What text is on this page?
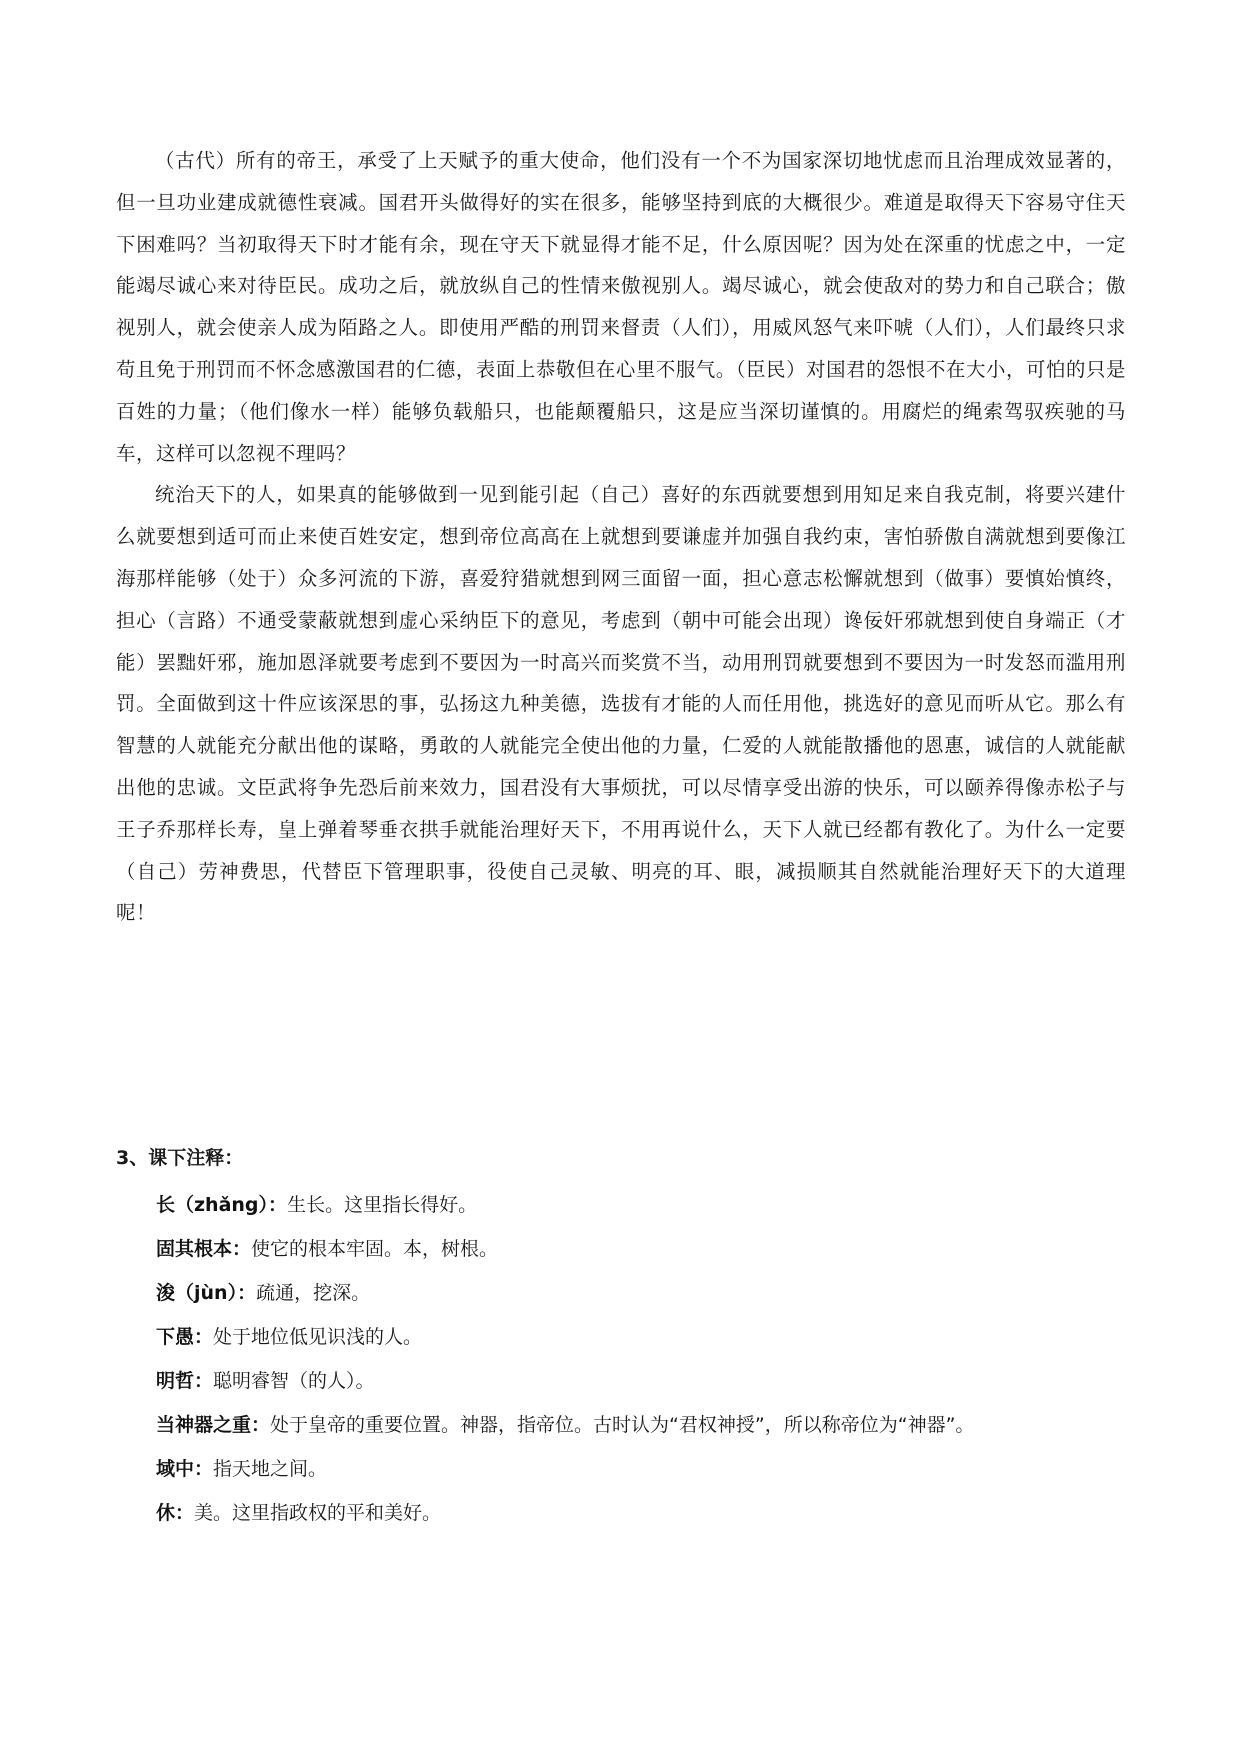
（古代）所有的帝王，承受了上天赋予的重大使命，他们没有一个不为国家深切地忧虑而且治理成效显著的，但一旦功业建成就德性衰减。国君开头做得好的实在很多，能够坚持到底的大概很少。难道是取得天下容易守住天下困难吗？当初取得天下时才能有余，现在守天下就显得才能不足，什么原因呢？因为处在深重的忧虑之中，一定能竭尽诚心来对待臣民。成功之后，就放纵自己的性情来傲视别人。竭尽诚心，就会使敌对的势力和自己联合；傲视别人，就会使亲人成为陌路之人。即使用严酷的刑罚来督责（人们），用威风怒气来吓唬（人们），人们最终只求苟且免于刑罚而不怀念感激国君的仁德，表面上恭敬但在心里不服气。（臣民）对国君的怨恨不在大小，可怕的只是百姓的力量；（他们像水一样）能够负载船只，也能颠覆船只，这是应当深切谨慎的。用腐烂的绳索驾驭疾驰的马车，这样可以忽视不理吗？

统治天下的人，如果真的能够做到一见到能引起（自己）喜好的东西就要想到用知足来自我克制，将要兴建什么就要想到适可而止来使百姓安定，想到帝位高高在上就想到要谦虚并加强自我约束，害怕骄傲自满就想到要像江海那样能够（处于）众多河流的下游，喜爱狩猎就想到网三面留一面，担心意志松懈就想到（做事）要慎始慎终，担心（言路）不通受蒙蔽就想到虚心采纳臣下的意见，考虑到（朝中可能会出现）谗佞奸邪就想到使自身端正（才能）罢黜奸邪，施加恩泽就要考虑到不要因为一时高兴而奖赏不当，动用刑罚就要想到不要因为一时发怒而滥用刑罚。全面做到这十件应该深思的事，弘扬这九种美德，选拔有才能的人而任用他，挑选好的意见而听从它。那么有智慧的人就能充分献出他的谋略，勇敢的人就能完全使出他的力量，仁爱的人就能散播他的恩惠，诚信的人就能献出他的忠诚。文臣武将争先恐后前来效力，国君没有大事烦扰，可以尽情享受出游的快乐，可以颐养得像赤松子与王子乔那样长寿，皇上弹着琴垂衣拱手就能治理好天下，不用再说什么，天下人就已经都有教化了。为什么一定要（自己）劳神费思，代替臣下管理职事，役使自己灵敏、明亮的耳、眼，减损顺其自然就能治理好天下的大道理呢！

3、课下注释：
长（zhǎng）：生长。这里指长得好。
固其根本：使它的根本牢固。本，树根。
浚（jùn）：疏通，挖深。
下愚：处于地位低见识浅的人。
明哲：聪明睿智（的人）。
当神器之重：处于皇帝的重要位置。神器，指帝位。古时认为“君权神授”，所以称帝位为“神器”。
域中：指天地之间。
休：美。这里指政权的平和美好。
